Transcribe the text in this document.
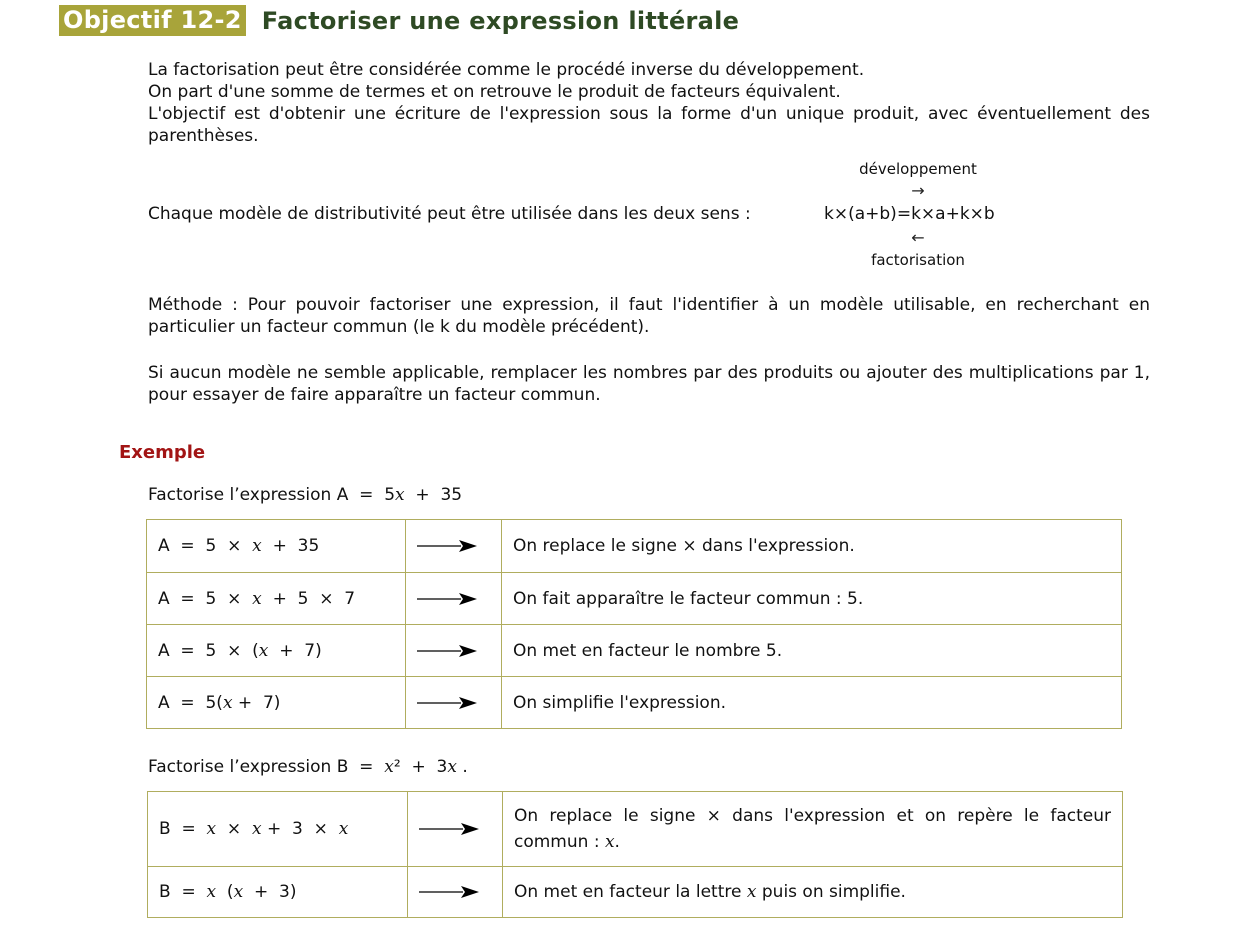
Objectif 12-2 Factoriser une expression littérale
La factorisation peut être considérée comme le procédé inverse du développement.
On part d'une somme de termes et on retrouve le produit de facteurs équivalent.
L'objectif est d'obtenir une écriture de l'expression sous la forme d'un unique produit, avec éventuellement des parenthèses.
Chaque modèle de distributivité peut être utilisée dans les deux sens :
développement
→
k×(a+b)=k×a+k×b
←
factorisation
Méthode : Pour pouvoir factoriser une expression, il faut l'identifier à un modèle utilisable, en recherchant en particulier un facteur commun (le k du modèle précédent).
Si aucun modèle ne semble applicable, remplacer les nombres par des produits ou ajouter des multiplications par 1, pour essayer de faire apparaître un facteur commun.
Exemple
Factorise l’expression A  =  5x  +  35
A  =  5  ×  x  +  35		On replace le signe × dans l'expression.
A  =  5  ×  x  +  5  ×  7		On fait apparaître le facteur commun : 5.
A  =  5  ×  (x  +  7)		On met en facteur le nombre 5.
A  =  5(x +  7)		On simplifie l'expression.
Factorise l’expression B  =  x²  +  3x .
B  =  x  ×  x +  3  ×  x		On replace le signe × dans l'expression et on repère le facteur commun : x.
B  =  x  (x  +  3)		On met en facteur la lettre x puis on simplifie.
